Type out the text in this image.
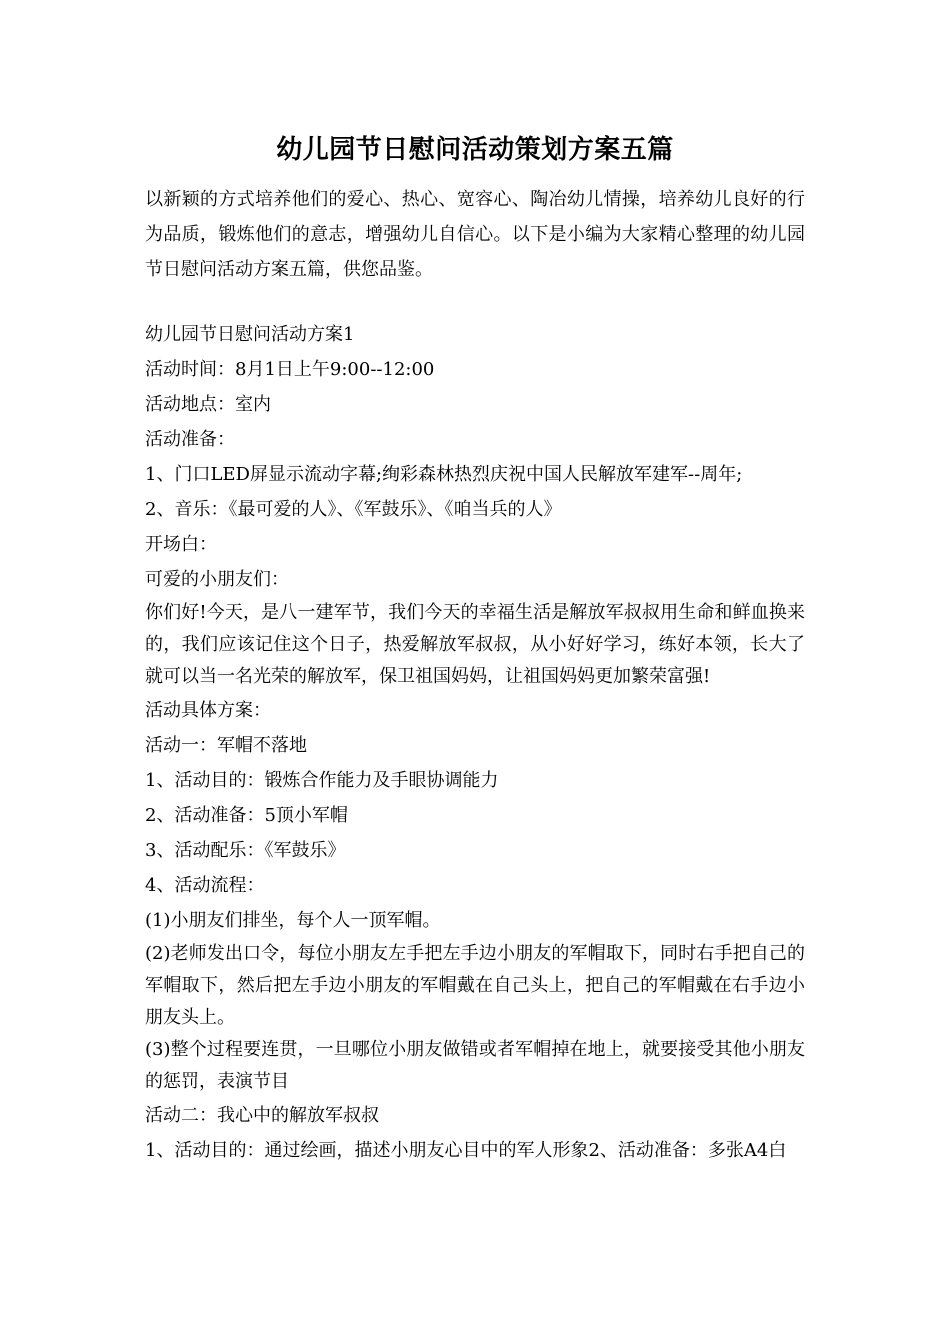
幼儿园节日慰问活动策划方案五篇

以新颖的方式培养他们的爱心、热心、宽容心、陶冶幼儿情操，培养幼儿良好的行为品质，锻炼他们的意志，增强幼儿自信心。以下是小编为大家精心整理的幼儿园节日慰问活动方案五篇，供您品鉴。

幼儿园节日慰问活动方案1

活动时间：8月1日上午9:00--12:00

活动地点：室内

活动准备：

1、门口LED屏显示流动字幕;绚彩森林热烈庆祝中国人民解放军建军--周年;

2、音乐：《最可爱的人》、《军鼓乐》、《咱当兵的人》

开场白：

可爱的小朋友们：

你们好!今天，是八一建军节，我们今天的幸福生活是解放军叔叔用生命和鲜血换来的，我们应该记住这个日子，热爱解放军叔叔，从小好好学习，练好本领，长大了就可以当一名光荣的解放军，保卫祖国妈妈，让祖国妈妈更加繁荣富强!

活动具体方案：

活动一：军帽不落地

1、活动目的：锻炼合作能力及手眼协调能力

2、活动准备：5顶小军帽

3、活动配乐：《军鼓乐》

4、活动流程：

(1)小朋友们排坐，每个人一顶军帽。

(2)老师发出口令，每位小朋友左手把左手边小朋友的军帽取下，同时右手把自己的军帽取下，然后把左手边小朋友的军帽戴在自己头上，把自己的军帽戴在右手边小朋友头上。

(3)整个过程要连贯，一旦哪位小朋友做错或者军帽掉在地上，就要接受其他小朋友的惩罚，表演节目

活动二：我心中的解放军叔叔

1、活动目的：通过绘画，描述小朋友心目中的军人形象2、活动准备：多张A4白
